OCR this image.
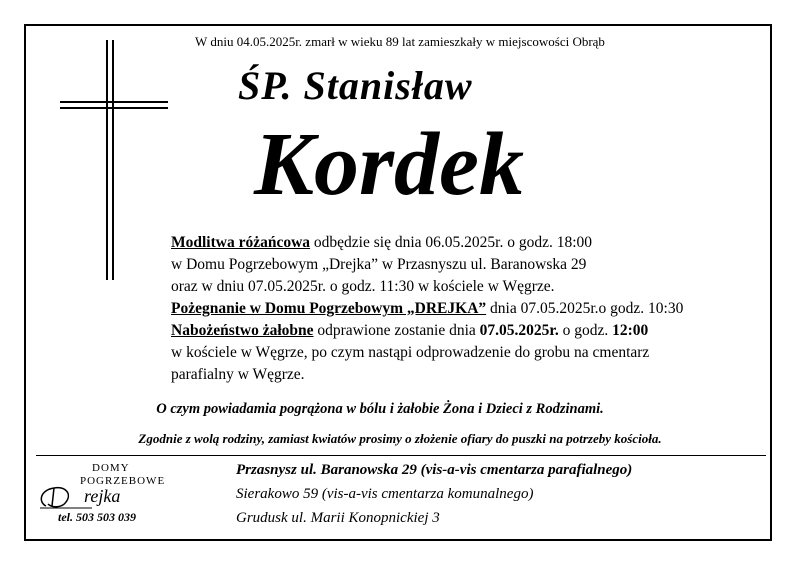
W dniu 04.05.2025r. zmarł w wieku 89 lat zamieszkały w miejscowości Obrąb
ŚP. Stanisław
Kordek
Modlitwa różańcowa odbędzie się dnia 06.05.2025r. o godz. 18:00
w Domu Pogrzebowym „Drejka” w Przasnyszu ul. Baranowska 29
oraz w dniu 07.05.2025r. o godz. 11:30 w kościele w Węgrze.
Pożegnanie w Domu Pogrzebowym „DREJKA” dnia 07.05.2025r.o godz. 10:30
Nabożeństwo żałobne odprawione zostanie dnia 07.05.2025r. o godz. 12:00
w kościele w Węgrze, po czym nastąpi odprowadzenie do grobu na cmentarz
parafialny w Węgrze.
O czym powiadamia pogrążona w bólu i żałobie Żona i Dzieci z Rodzinami.
Zgodnie z wolą rodziny, zamiast kwiatów prosimy o złożenie ofiary do puszki na potrzeby kościoła.
DOMY
POGRZEBOWE
rejka
tel. 503 503 039
Przasnysz ul. Baranowska 29 (vis-a-vis cmentarza parafialnego)
Sierakowo 59 (vis-a-vis cmentarza komunalnego)
Grudusk ul. Marii Konopnickiej 3
